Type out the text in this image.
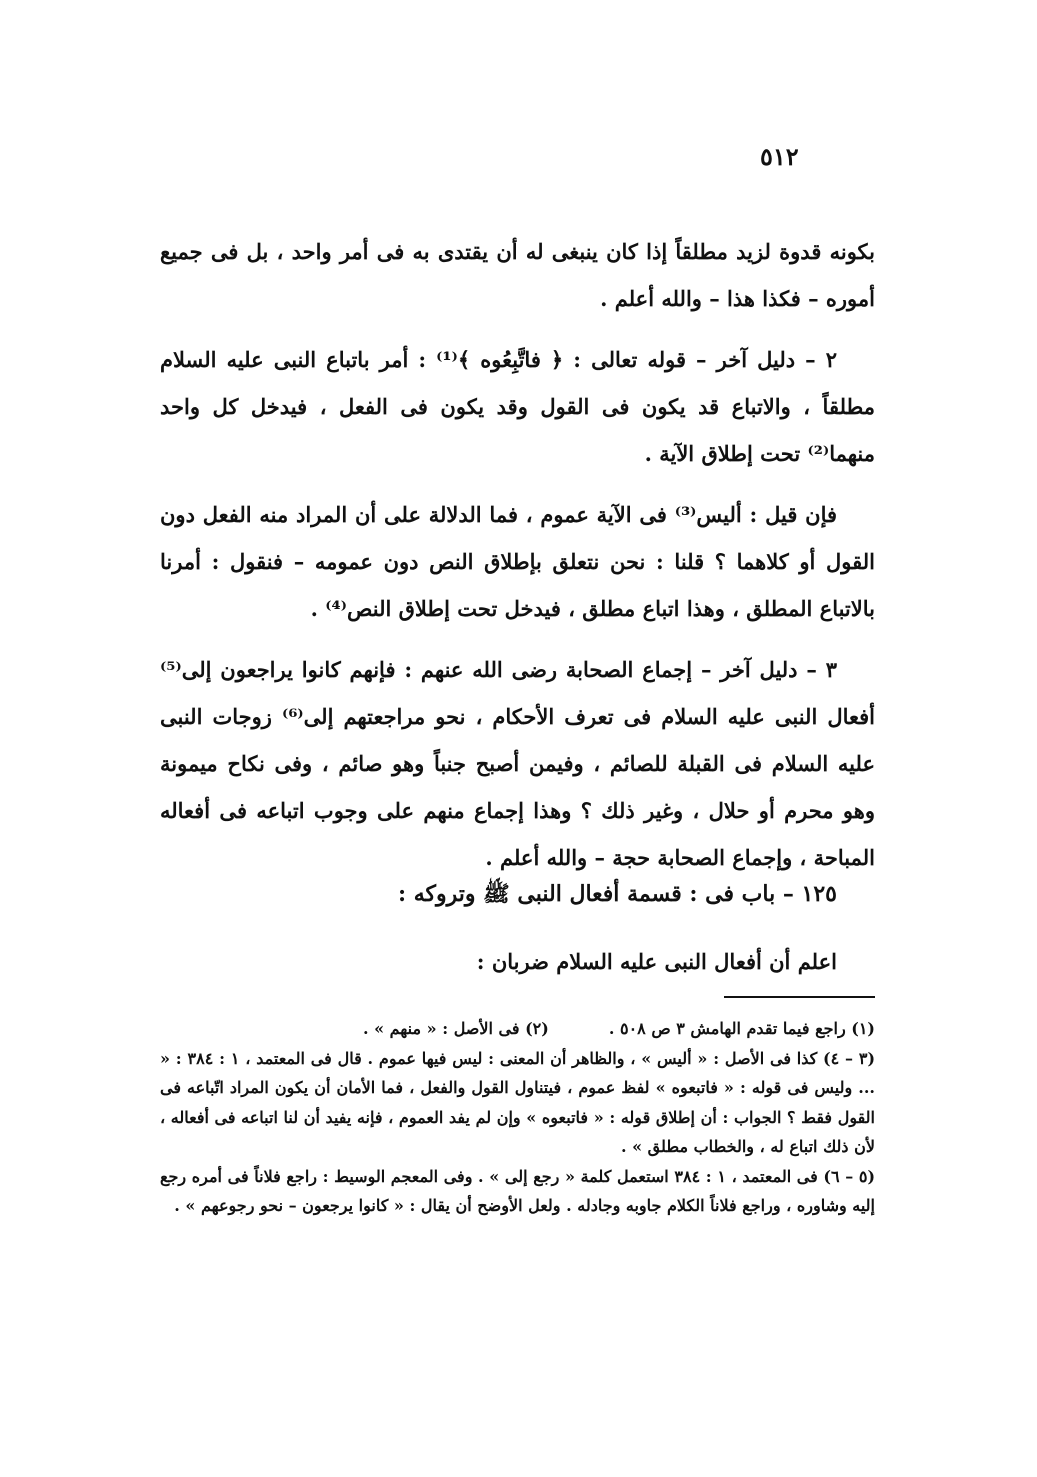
٥١٢

بكونه قدوة لزيد مطلقاً إذا كان ينبغى له أن يقتدى به فى أمر واحد ، بل فى جميع أموره – فكذا هذا – والله أعلم .

٢ – دليل آخر – قوله تعالى : ﴿ فاتَّبِعُوه ﴾⁽¹⁾ : أمر باتباع النبى عليه السلام مطلقاً ، والاتباع قد يكون فى القول وقد يكون فى الفعل ، فيدخل كل واحد منهما⁽²⁾ تحت إطلاق الآية .

فإن قيل : أليس⁽³⁾ فى الآية عموم ، فما الدلالة على أن المراد منه الفعل دون القول أو كلاهما ؟ قلنا : نحن نتعلق بإطلاق النص دون عمومه – فنقول : أمرنا بالاتباع المطلق ، وهذا اتباع مطلق ، فيدخل تحت إطلاق النص⁽⁴⁾ .

٣ – دليل آخر – إجماع الصحابة رضى الله عنهم : فإنهم كانوا يراجعون إلى⁽⁵⁾ أفعال النبى عليه السلام فى تعرف الأحكام ، نحو مراجعتهم إلى⁽⁶⁾ زوجات النبى عليه السلام فى القبلة للصائم ، وفيمن أصبح جنباً وهو صائم ، وفى نكاح ميمونة وهو محرم أو حلال ، وغير ذلك ؟ وهذا إجماع منهم على وجوب اتباعه فى أفعاله المباحة ، وإجماع الصحابة حجة – والله أعلم .

١٢٥ – باب فى : قسمة أفعال النبى ﷺ وتروكه :
اعلم أن أفعال النبى عليه السلام ضربان :
(١) راجع فيما تقدم الهامش ٣ ص ٥٠٨ .
(٢) فى الأصل : « منهم » .

(٣ – ٤) كذا فى الأصل : « أليس » ، والظاهر أن المعنى : ليس فيها عموم . قال فى المعتمد ، ١ : ٣٨٤ : « ... وليس فى قوله : « فاتبعوه » لفظ عموم ، فيتناول القول والفعل ، فما الأمان أن يكون المراد اتّباعه فى القول فقط ؟ الجواب : أن إطلاق قوله : « فاتبعوه » وإن لم يفد العموم ، فإنه يفيد أن لنا اتباعه فى أفعاله ، لأن ذلك اتباع له ، والخطاب مطلق » .

(٥ – ٦) فى المعتمد ، ١ : ٣٨٤ استعمل كلمة « رجع إلى » . وفى المعجم الوسيط : راجع فلاناً فى أمره رجع إليه وشاوره ، وراجع فلاناً الكلام جاوبه وجادله . ولعل الأوضح أن يقال : « كانوا يرجعون – نحو رجوعهم » .
